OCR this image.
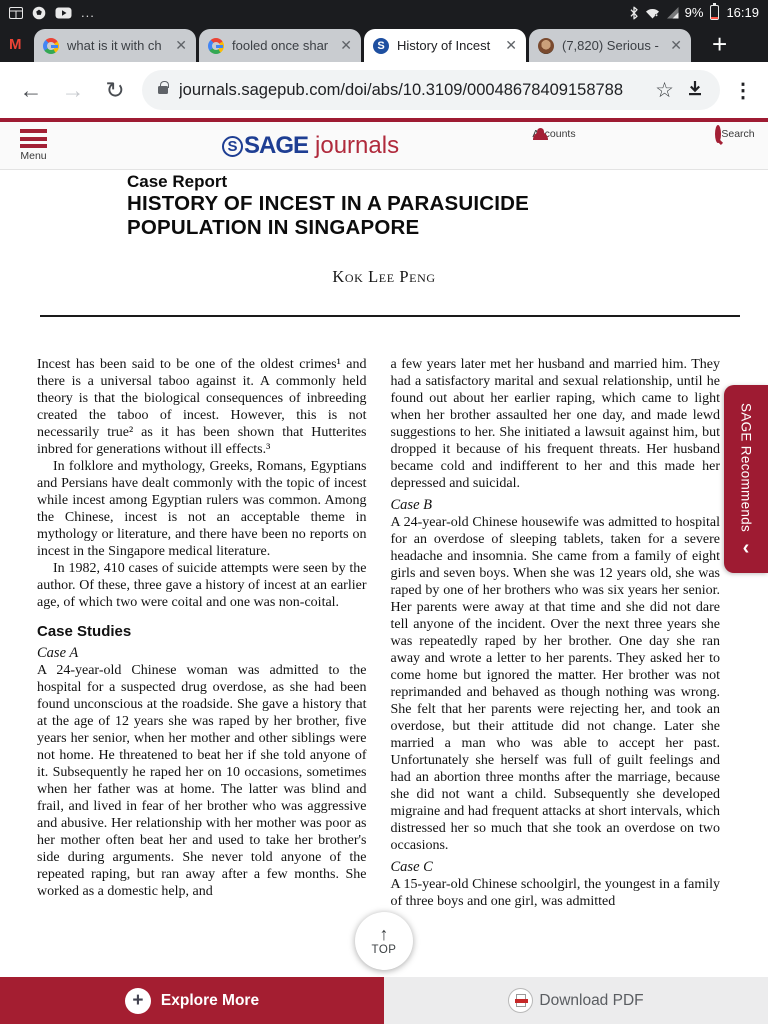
...	9% 16:19
M	what is it with ch ✕	fooled once shar ✕	S History of Incest	✕	(7,820) Serious - ✕ +
← → ↻	journals.sagepub.com/doi/abs/10.3109/00048678409158788	☆	⋮
Menu
S SAGE journals	Accounts	Search
Case Report
HISTORY OF INCEST IN A PARASUICIDE
POPULATION IN SINGAPORE
Kok Lee Peng

Incest has been said to be one of the oldest crimes¹ and there is a universal taboo against it. A commonly held theory is that the biological consequences of inbreeding created the taboo of incest. However, this is not necessarily true² as it has been shown that Hutterites inbred for generations without ill effects.³

In folklore and mythology, Greeks, Romans, Egyptians and Persians have dealt commonly with the topic of incest while incest among Egyptian rulers was common. Among the Chinese, incest is not an acceptable theme in mythology or literature, and there have been no reports on incest in the Singapore medical literature.

In 1982, 410 cases of suicide attempts were seen by the author. Of these, three gave a history of incest at an earlier age, of which two were coital and one was non-coital.

Case Studies
Case A

A 24-year-old Chinese woman was admitted to the hospital for a suspected drug overdose, as she had been found unconscious at the roadside. She gave a history that at the age of 12 years she was raped by her brother, five years her senior, when her mother and other siblings were not home. He threatened to beat her if she told anyone of it. Subsequently he raped her on 10 occasions, sometimes when her father was at home. The latter was blind and frail, and lived in fear of her brother who was aggressive and abusive. Her relationship with her mother was poor as her mother often beat her and used to take her brother's side during arguments. She never told anyone of the repeated raping, but ran away after a few months. She worked as a domestic help, and

a few years later met her husband and married him. They had a satisfactory marital and sexual relationship, until he found out about her earlier raping, which came to light when her brother assaulted her one day, and made lewd suggestions to her. She initiated a lawsuit against him, but dropped it because of his frequent threats. Her husband became cold and indifferent to her and this made her depressed and suicidal.

Case B

A 24-year-old Chinese housewife was admitted to hospital for an overdose of sleeping tablets, taken for a severe headache and insomnia. She came from a family of eight girls and seven boys. When she was 12 years old, she was raped by one of her brothers who was six years her senior. Her parents were away at that time and she did not dare tell anyone of the incident. Over the next three years she was repeatedly raped by her brother. One day she ran away and wrote a letter to her parents. They asked her to come home but ignored the matter. Her brother was not reprimanded and behaved as though nothing was wrong. She felt that her parents were rejecting her, and took an overdose, but their attitude did not change. Later she married a man who was able to accept her past. Unfortunately she herself was full of guilt feelings and had an abortion three months after the marriage, because she did not want a child. Subsequently she developed migraine and had frequent attacks at short intervals, which distressed her so much that she took an overdose on two occasions.

Case C

A 15-year-old Chinese schoolgirl, the youngest in a family of three boys and one girl, was admitted

SAGE Recommends
‹
↑
TOP
+	Explore More	Download PDF
